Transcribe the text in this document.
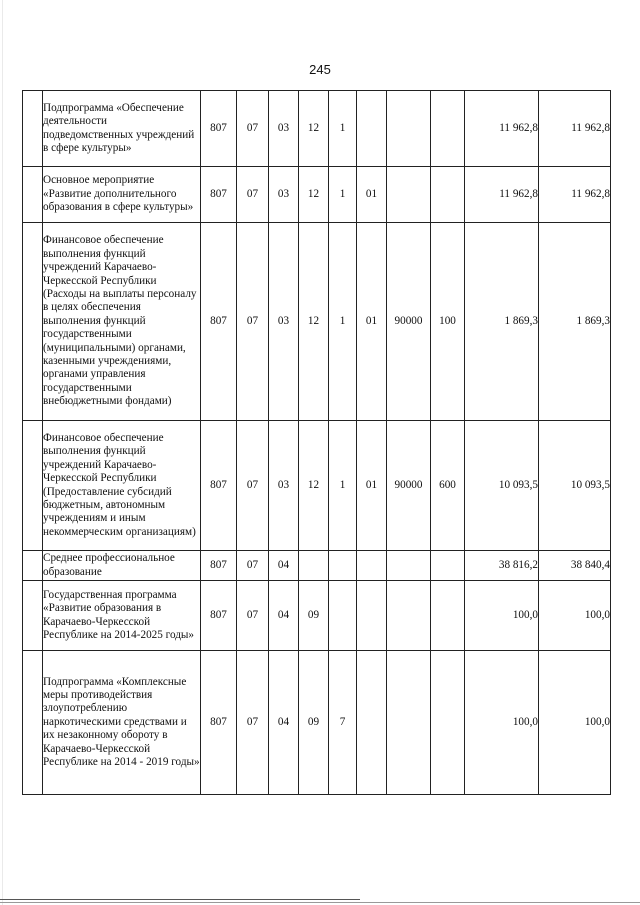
245
	Подпрограмма «Обеспечение деятельности подведомственных учреждений в сфере культуры»	807	07	03	12	1				11 962,8	11 962,8
	Основное мероприятие «Развитие дополнительного образования в сфере культуры»	807	07	03	12	1	01			11 962,8	11 962,8
	Финансовое обеспечение выполнения функций учреждений Карачаево-Черкесской Республики (Расходы на выплаты персоналу в целях обеспечения выполнения функций государственными (муниципальными) органами, казенными учреждениями, органами управления государственными внебюджетными фондами)	807	07	03	12	1	01	90000	100	1 869,3	1 869,3
	Финансовое обеспечение выполнения функций учреждений Карачаево-Черкесской Республики (Предоставление субсидий бюджетным, автономным учреждениям и иным некоммерческим организациям)	807	07	03	12	1	01	90000	600	10 093,5	10 093,5
	Среднее профессиональное образование	807	07	04						38 816,2	38 840,4
	Государственная программа «Развитие образования в Карачаево-Черкесской Республике на 2014-2025 годы»	807	07	04	09					100,0	100,0
	Подпрограмма «Комплексные меры противодействия злоупотреблению наркотическими средствами и их незаконному обороту в Карачаево-Черкесской Республике на 2014 - 2019 годы»	807	07	04	09	7				100,0	100,0
